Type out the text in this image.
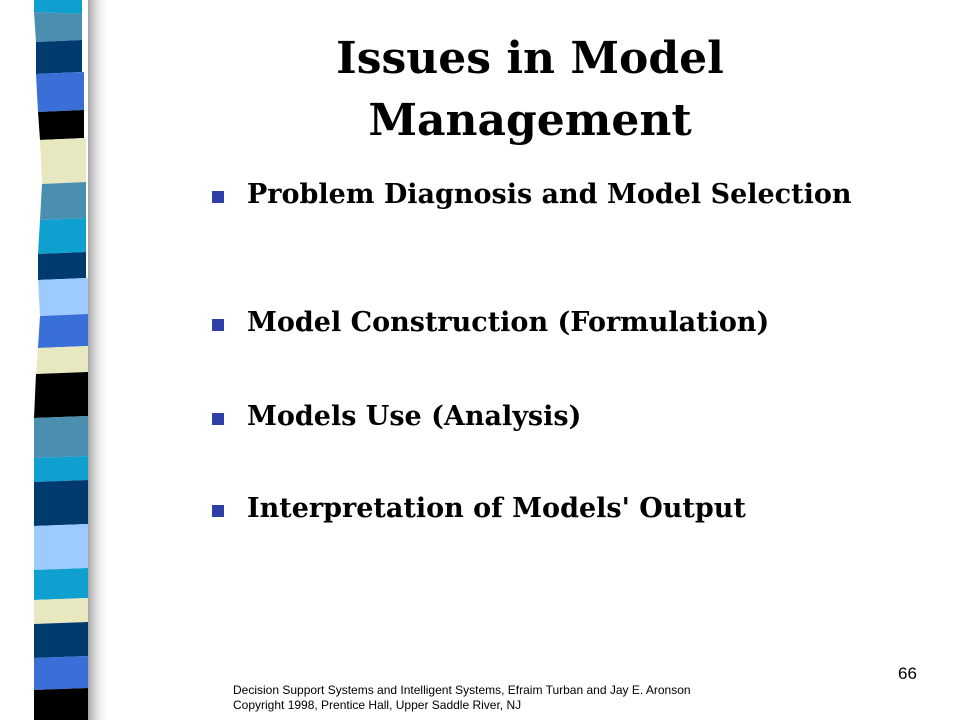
Issues in Model
Management
Problem Diagnosis and Model Selection
Model Construction (Formulation)
Models Use (Analysis)
Interpretation of Models' Output
66
Decision Support Systems and Intelligent Systems, Efraim Turban and Jay E. Aronson
Copyright 1998, Prentice Hall, Upper Saddle River, NJ
